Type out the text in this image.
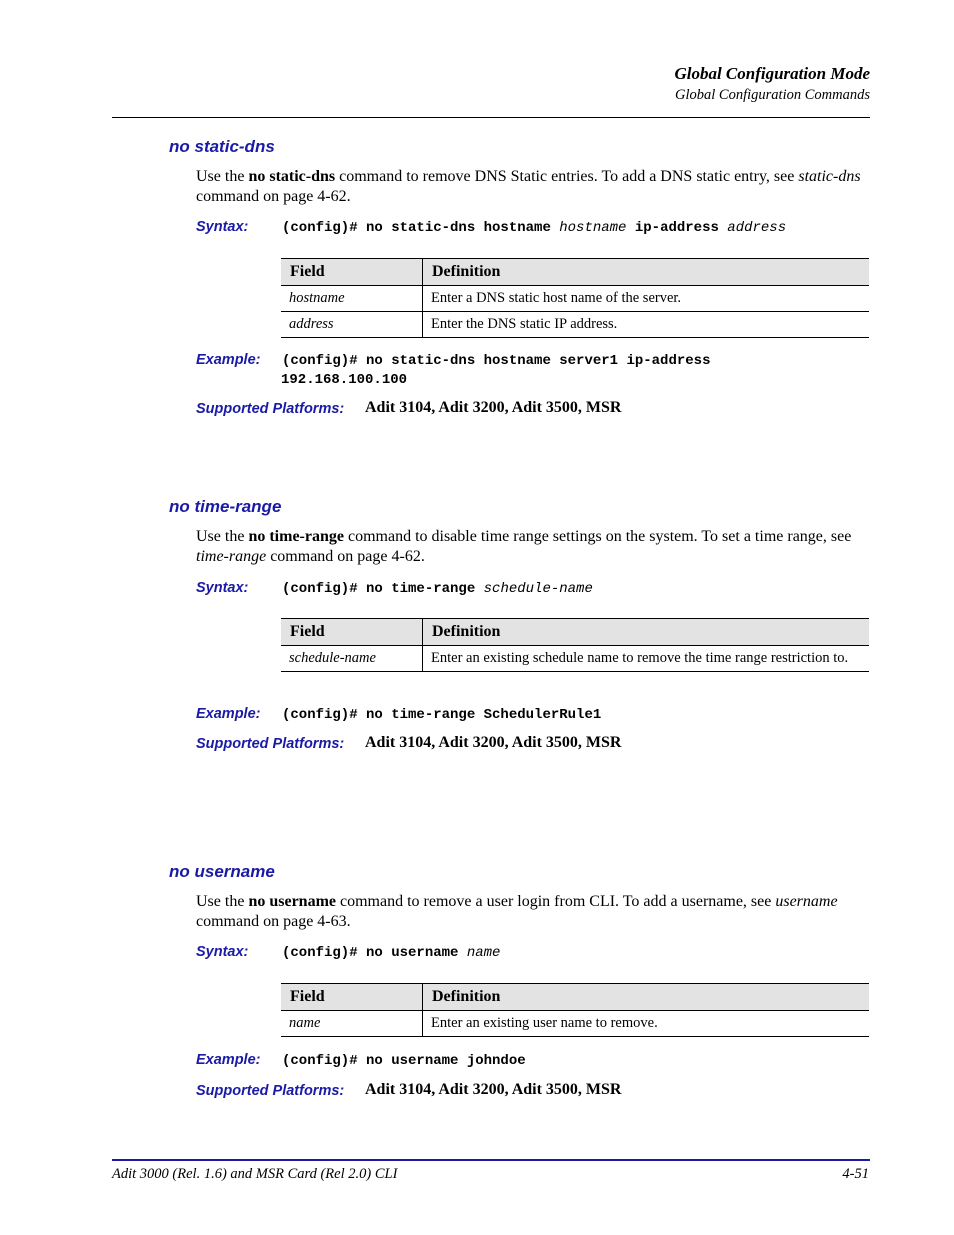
Global Configuration Mode
Global Configuration Commands
no static-dns
Use the no static-dns command to remove DNS Static entries. To add a DNS static entry, see static-dns command on page 4-62.
Syntax: (config)# no static-dns hostname hostname ip-address address
Field	Definition
hostname	Enter a DNS static host name of the server.
address	Enter the DNS static IP address.
Example: (config)# no static-dns hostname server1 ip-address
192.168.100.100
Supported Platforms: Adit 3104, Adit 3200, Adit 3500, MSR
no time-range
Use the no time-range command to disable time range settings on the system. To set a time range, see time-range command on page 4-62.
Syntax: (config)# no time-range schedule-name
Field	Definition
schedule-name	Enter an existing schedule name to remove the time range restriction to.
Example: (config)# no time-range SchedulerRule1
Supported Platforms: Adit 3104, Adit 3200, Adit 3500, MSR
no username
Use the no username command to remove a user login from CLI. To add a username, see username command on page 4-63.
Syntax: (config)# no username name
Field	Definition
name	Enter an existing user name to remove.
Example: (config)# no username johndoe
Supported Platforms: Adit 3104, Adit 3200, Adit 3500, MSR
Adit 3000 (Rel. 1.6) and MSR Card (Rel 2.0) CLI	4-51
